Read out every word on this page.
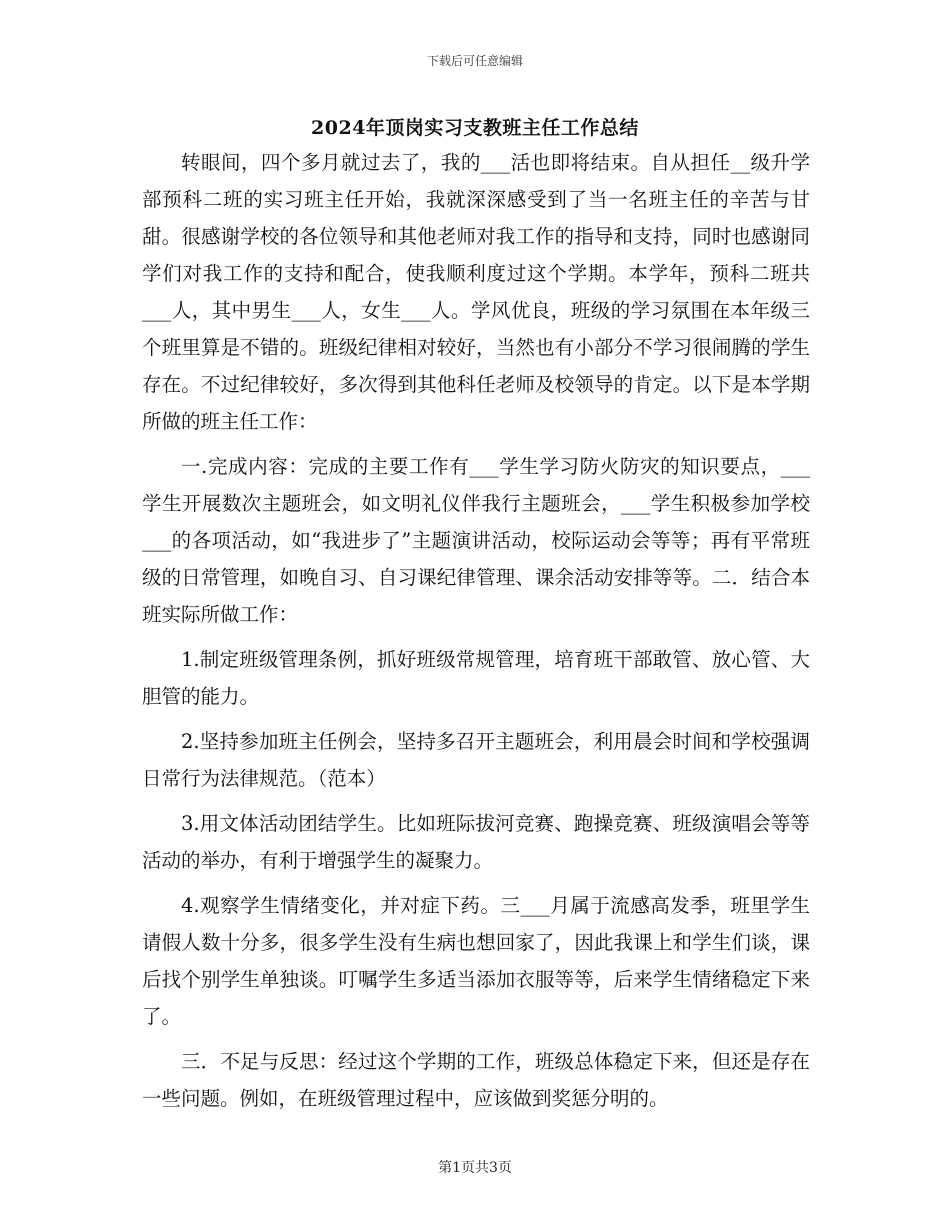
下载后可任意编辑
2024年顶岗实习支教班主任工作总结

转眼间，四个多月就过去了，我的___活也即将结束。自从担任__级升学部预科二班的实习班主任开始，我就深深感受到了当一名班主任的辛苦与甘甜。很感谢学校的各位领导和其他老师对我工作的指导和支持，同时也感谢同学们对我工作的支持和配合，使我顺利度过这个学期。本学年，预科二班共___人，其中男生___人，女生___人。学风优良，班级的学习氛围在本年级三个班里算是不错的。班级纪律相对较好，当然也有小部分不学习很闹腾的学生存在。不过纪律较好，多次得到其他科任老师及校领导的肯定。以下是本学期所做的班主任工作：

一.完成内容：完成的主要工作有___学生学习防火防灾的知识要点，___学生开展数次主题班会，如文明礼仪伴我行主题班会，___学生积极参加学校___的各项活动，如“我进步了”主题演讲活动，校际运动会等等；再有平常班级的日常管理，如晚自习、自习课纪律管理、课余活动安排等等。二．结合本班实际所做工作：

1.制定班级管理条例，抓好班级常规管理，培育班干部敢管、放心管、大胆管的能力。

2.坚持参加班主任例会，坚持多召开主题班会，利用晨会时间和学校强调日常行为法律规范。（范本）

3.用文体活动团结学生。比如班际拔河竞赛、跑操竞赛、班级演唱会等等活动的举办，有利于增强学生的凝聚力。

4.观察学生情绪变化，并对症下药。三___月属于流感高发季，班里学生请假人数十分多，很多学生没有生病也想回家了，因此我课上和学生们谈，课后找个别学生单独谈。叮嘱学生多适当添加衣服等等，后来学生情绪稳定下来了。

三．不足与反思：经过这个学期的工作，班级总体稳定下来，但还是存在一些问题。例如，在班级管理过程中，应该做到奖惩分明的。

第1页共3页
